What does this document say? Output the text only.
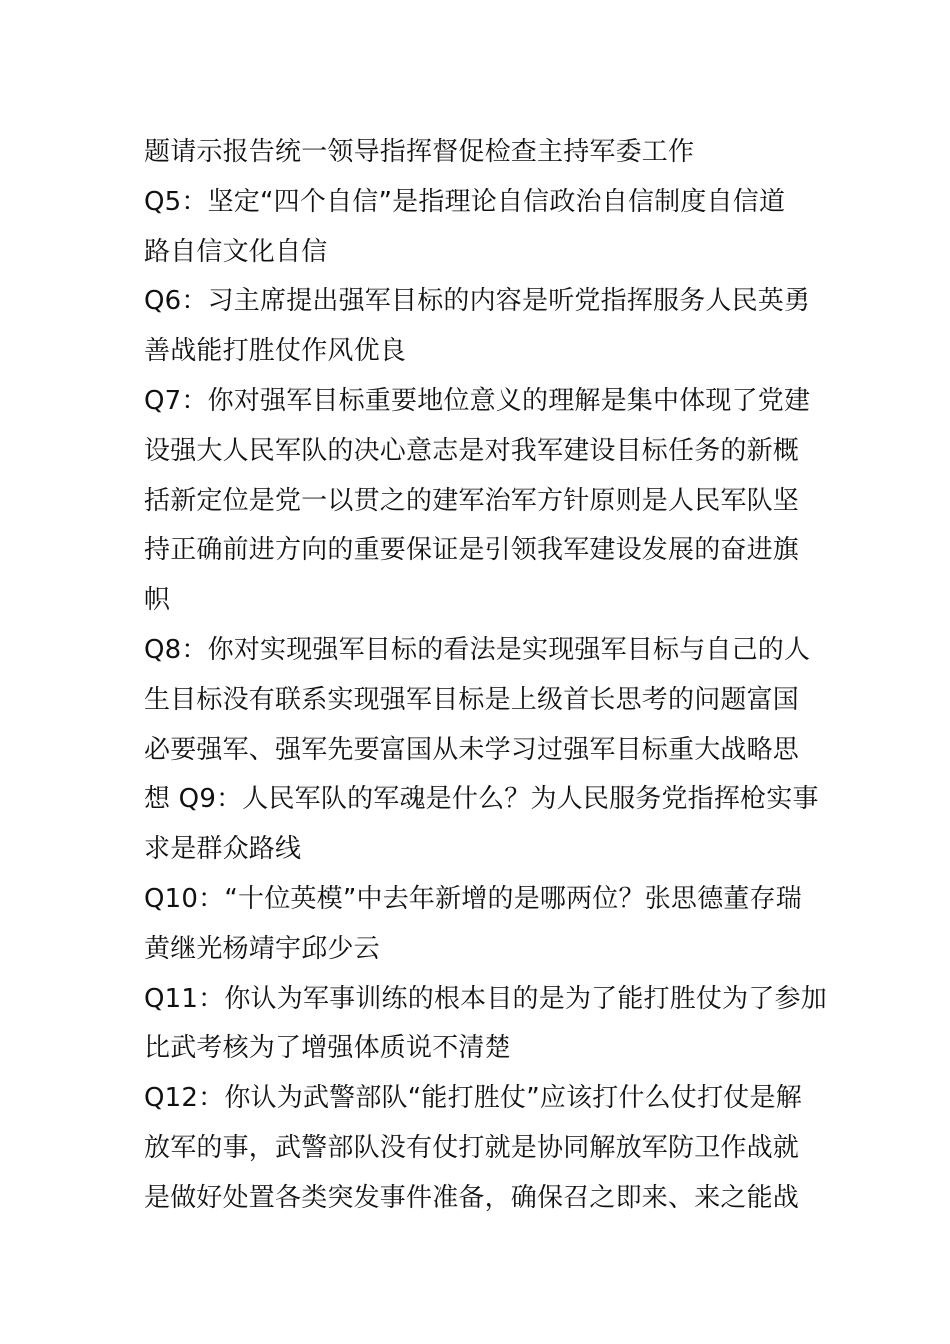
题请示报告统一领导指挥督促检查主持军委工作
Q5：坚定“四个自信”是指理论自信政治自信制度自信道
路自信文化自信
Q6：习主席提出强军目标的内容是听党指挥服务人民英勇
善战能打胜仗作风优良
Q7：你对强军目标重要地位意义的理解是集中体现了党建
设强大人民军队的决心意志是对我军建设目标任务的新概
括新定位是党一以贯之的建军治军方针原则是人民军队坚
持正确前进方向的重要保证是引领我军建设发展的奋进旗
帜
Q8：你对实现强军目标的看法是实现强军目标与自己的人
生目标没有联系实现强军目标是上级首长思考的问题富国
必要强军、强军先要富国从未学习过强军目标重大战略思
想 Q9：人民军队的军魂是什么？为人民服务党指挥枪实事
求是群众路线
Q10：“十位英模”中去年新增的是哪两位？张思德董存瑞
黄继光杨靖宇邱少云
Q11：你认为军事训练的根本目的是为了能打胜仗为了参加
比武考核为了增强体质说不清楚
Q12：你认为武警部队“能打胜仗”应该打什么仗打仗是解
放军的事，武警部队没有仗打就是协同解放军防卫作战就
是做好处置各类突发事件准备，确保召之即来、来之能战
